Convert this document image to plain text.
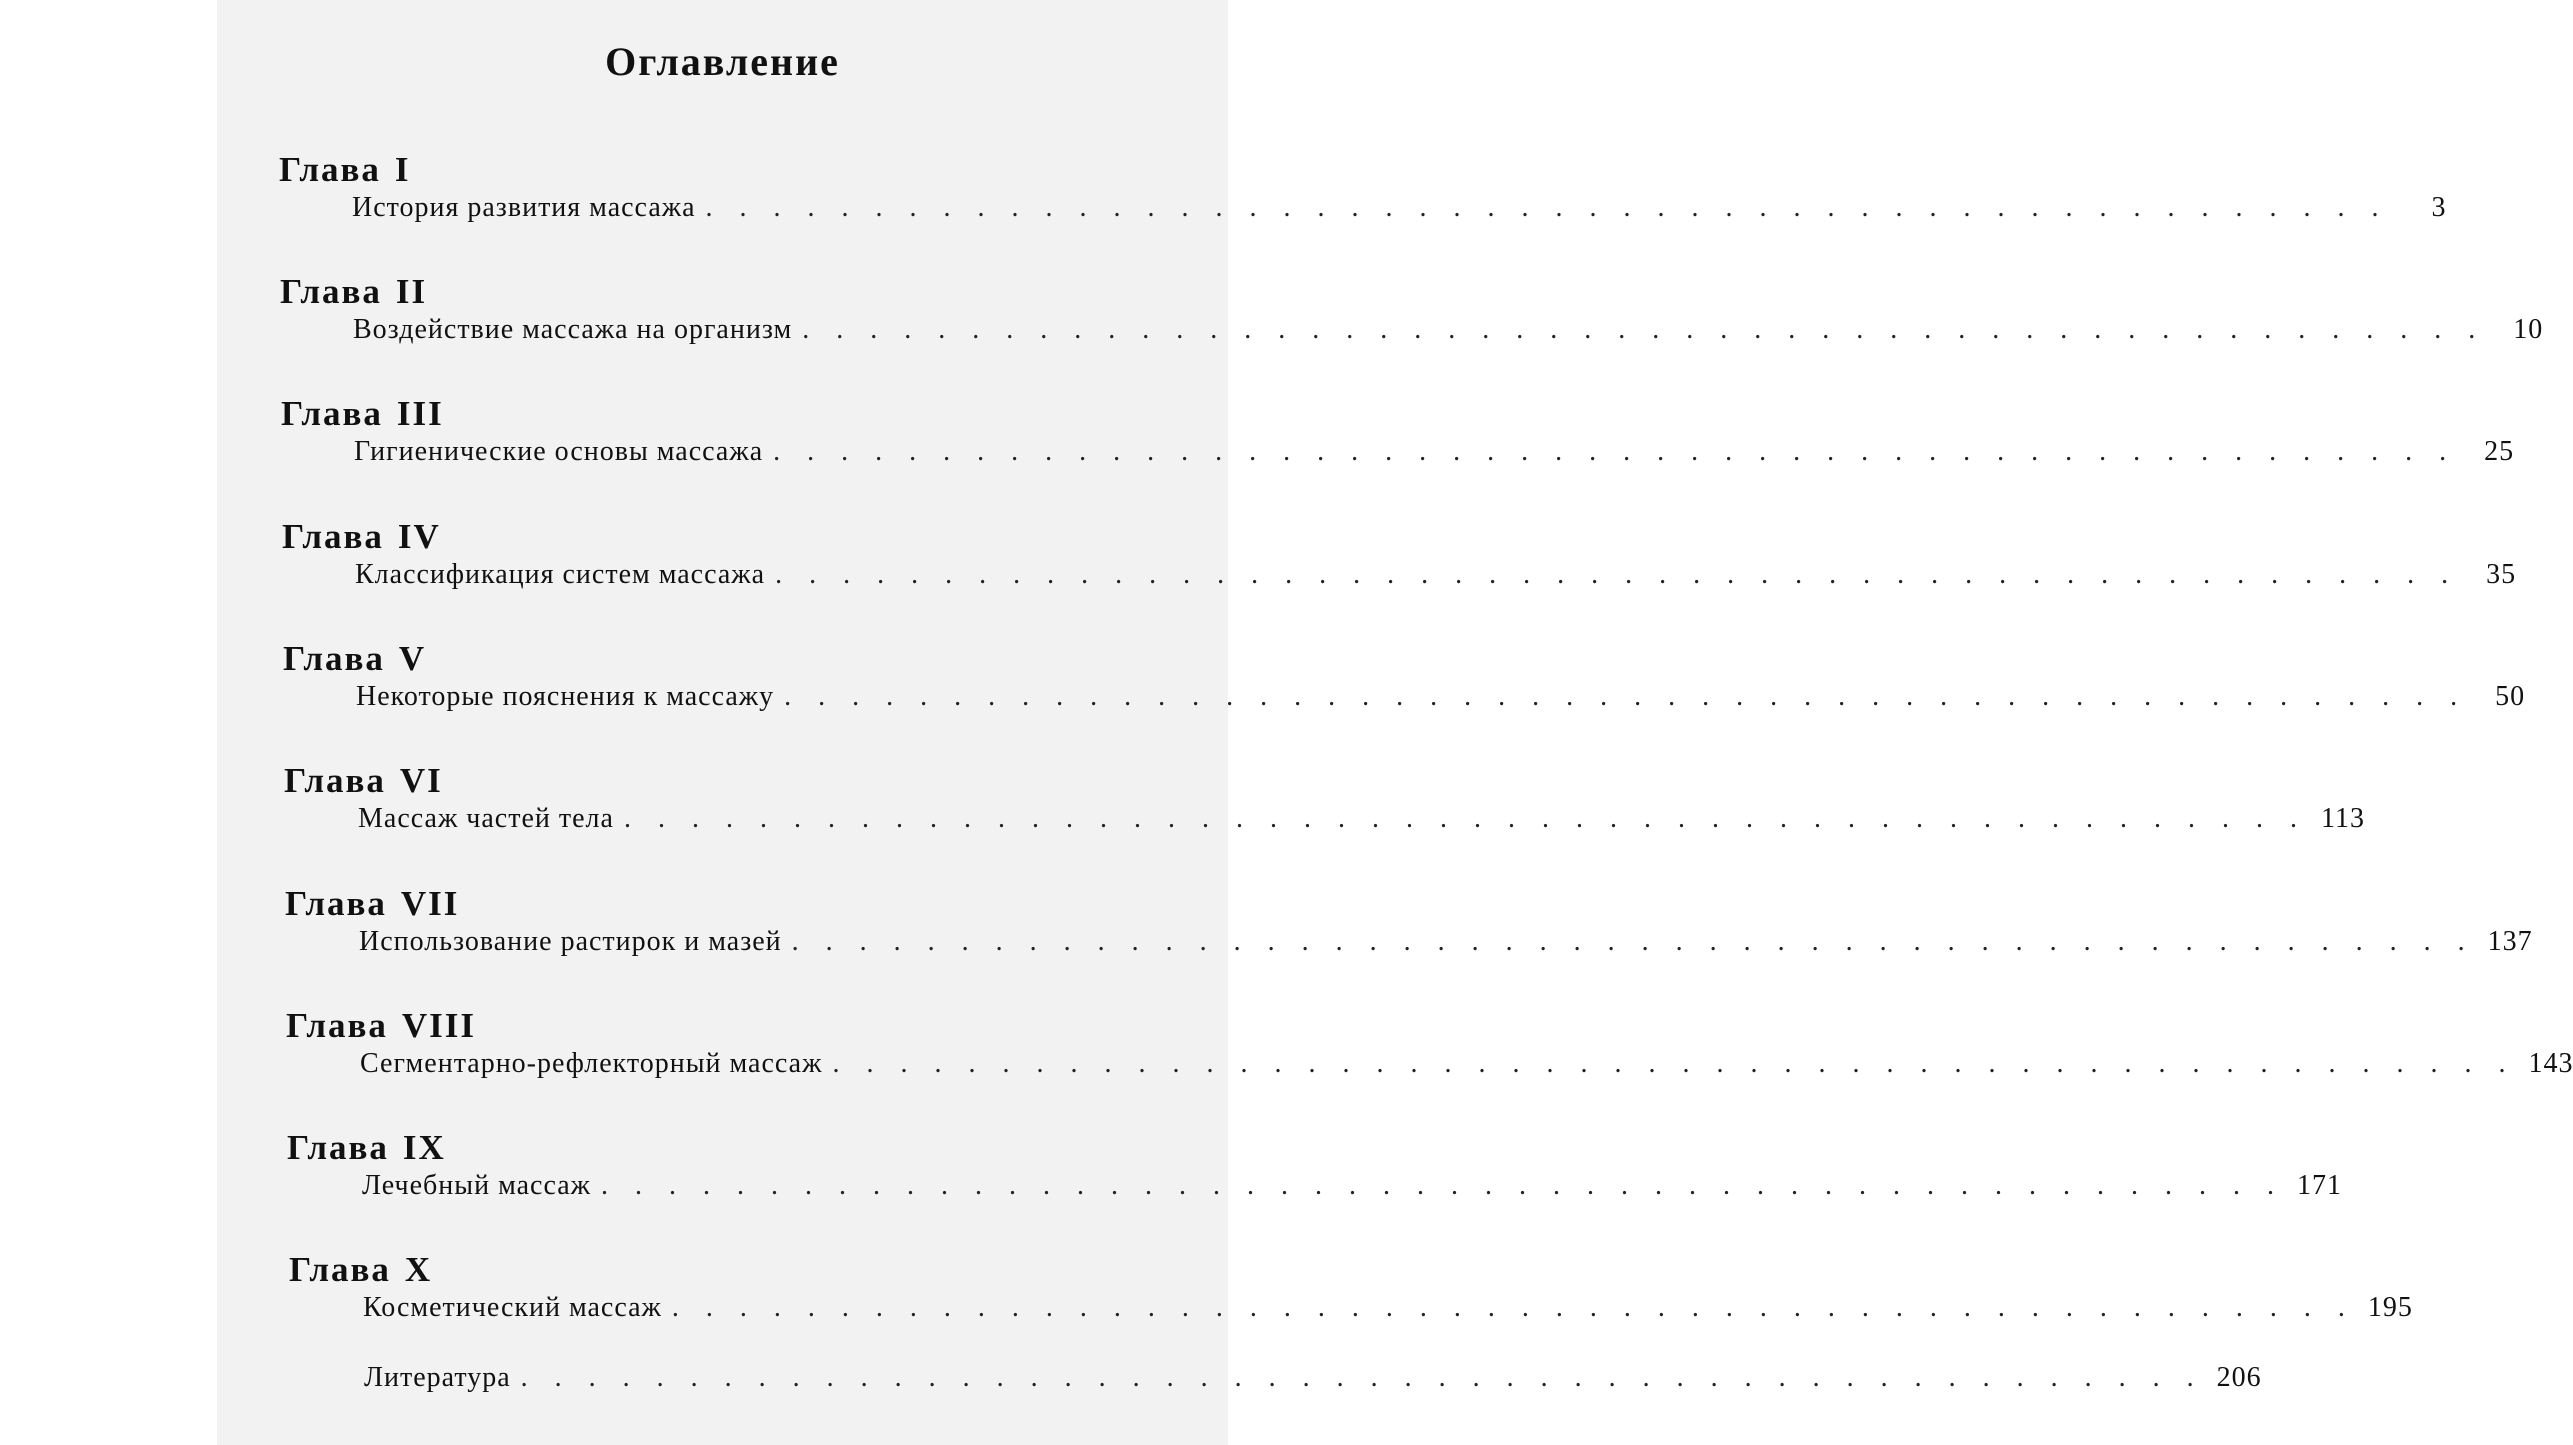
Оглавление
Глава I
История развития массажа . . . . . . . . . . . . . . . . . . . . . . . . . . . . . . . . . . . . . . . . . . . . . . . . . .	3
Глава II
Воздействие массажа на организм . . . . . . . . . . . . . . . . . . . . . . . . . . . . . . . . . . . . . . . . . . . . . . . . . .	10
Глава III
Гигиенические основы массажа . . . . . . . . . . . . . . . . . . . . . . . . . . . . . . . . . . . . . . . . . . . . . . . . . .	25
Глава IV
Классификация систем массажа . . . . . . . . . . . . . . . . . . . . . . . . . . . . . . . . . . . . . . . . . . . . . . . . . .	35
Глава V
Некоторые пояснения к массажу . . . . . . . . . . . . . . . . . . . . . . . . . . . . . . . . . . . . . . . . . . . . . . . . . .	50
Глава VI
Массаж частей тела . . . . . . . . . . . . . . . . . . . . . . . . . . . . . . . . . . . . . . . . . . . . . . . . . . 113
Глава VII
Использование растирок и мазей . . . . . . . . . . . . . . . . . . . . . . . . . . . . . . . . . . . . . . . . . . . . . . . . . . 137
Глава VIII
Сегментарно-рефлекторный массаж . . . . . . . . . . . . . . . . . . . . . . . . . . . . . . . . . . . . . . . . . . . . . . . . . . 143
Глава IX
Лечебный массаж . . . . . . . . . . . . . . . . . . . . . . . . . . . . . . . . . . . . . . . . . . . . . . . . . . 171
Глава X
Косметический массаж . . . . . . . . . . . . . . . . . . . . . . . . . . . . . . . . . . . . . . . . . . . . . . . . . . 195
Литература . . . . . . . . . . . . . . . . . . . . . . . . . . . . . . . . . . . . . . . . . . . . . . . . . . 206
